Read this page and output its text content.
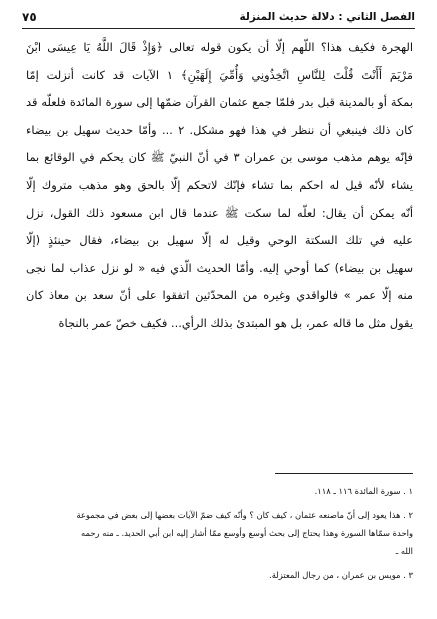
الفصل الثاني : دلالة حديث المنزلة
٧٥
الهجرة فكيف هذا؟ اللّهم إلّا أن يكون قوله تعالى ﴿وَإِذْ قَالَ اللَّهُ يَا عِيسَى ابْنَ
مَرْيَمَ أَأَنْتَ قُلْتَ لِلنَّاسِ اتَّخِذُونِي وَأُمِّيَ إِلَهَيْنِ﴾ ١ الآيات قد كانت أنزلت إمّا
بمكة أو بالمدينة قبل بدر فلمّا جمع عثمان القرآن ضمّها إلى سورة المائدة فلعلّه قد
كان ذلك فينبغي أن ننظر في هذا فهو مشكل. ٢ ... وأمّا حديث سهيل بن بيضاء
فإنّه يوهم مذهب موسى بن عمران ٣ في أنّ النبيّ ﷺ كان يحكم في الوقائع بما
يشاء لأنّه قيل له احكم بما تشاء فإنّك لاتحكم إلّا بالحق وهو مذهب متروك إلّا
أنّه يمكن أن يقال: لعلّه لما سكت ﷺ عندما قال ابن مسعود ذلك القول، نزل
عليه في تلك السكتة الوحي وقيل له إلّا سهيل بن بيضاء، فقال حينئذٍ (إلّا
سهيل بن بيضاء) كما أوحي إليه. وأمّا الحديث الّذي فيه « لو نزل عذاب لما نجى
منه إلّا عمر » فالواقدي وغيره من المحدّثين اتفقوا على أنّ سعد بن معاذ كان
يقول مثل ما قاله عمر، بل هو المبتدئ بذلك الرأي... فكيف خصّ عمر بالنجاة
١ . سورة المائدة ١١٦ ـ ١١٨.
٢ . هذا يعود إلى أنّ ماصنعه عثمان ، كيف كان ؟ وأنّه كيف ضمّ الآيات بعضها إلى بعض في مجموعة
واحدة سمّاها السورة وهذا يحتاج إلى بحث أوسع وأوسع ممّا أشار إليه ابن أبي الحديد. ـ منه رحمه
الله ـ
٣ . مويس بن عمران ، من رجال المعتزلة.
